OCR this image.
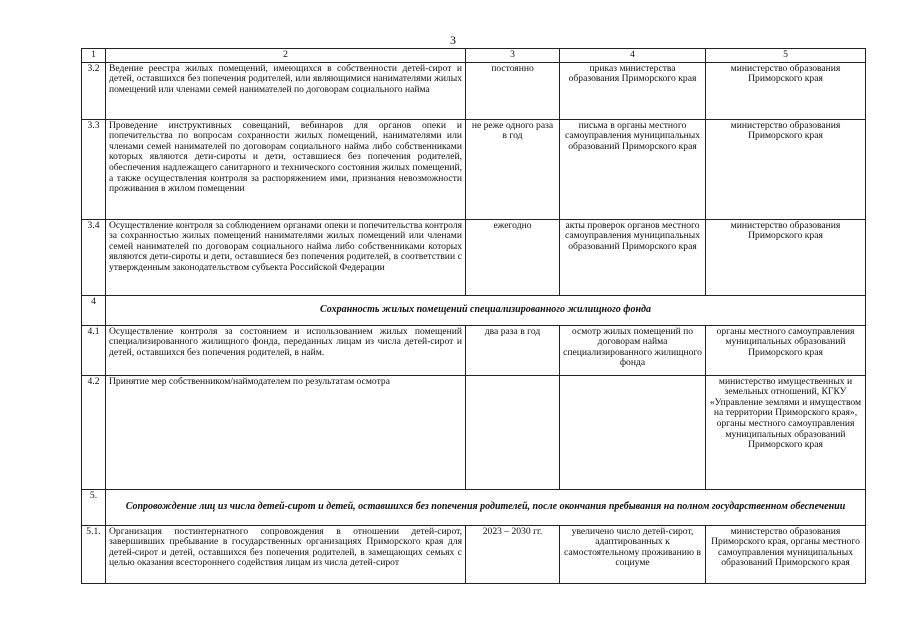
3
1	2	3	4	5
3.2	Ведение реестра жилых помещений, имеющихся в собственности детей-сирот и детей, оставшихся без попечения родителей, или являющимися нанимателями жилых помещений или членами семей нанимателей по договорам социального найма	постоянно	приказ министерства образования Приморского края	министерство образования Приморского края
3.3	Проведение инструктивных совещаний, вебинаров для органов опеки и попечительства по вопросам сохранности жилых помещений, нанимателями или членами семей нанимателей по договорам социального найма либо собственниками которых являются дети-сироты и дети, оставшиеся без попечения родителей, обеспечения надлежащего санитарного и технического состояния жилых помещений, а также осуществления контроля за распоряжением ими, признания невозможности проживания в жилом помещении	не реже одного раза в год	письма в органы местного самоуправления муниципальных образований Приморского края	министерство образования Приморского края
3.4	Осуществление контроля за соблюдением органами опеки и попечительства контроля за сохранностью жилых помещений нанимателями жилых помещений или членами семей нанимателей по договорам социального найма либо собственниками которых являются дети-сироты и дети, оставшиеся без попечения родителей, в соответствии с утвержденным законодательством субъекта Российской Федерации	ежегодно	акты проверок органов местного самоуправления муниципальных образований Приморского края	министерство образования Приморского края
4	Сохранность жилых помещений специализированного жилищного фонда			
4.1	Осуществление контроля за состоянием и использованием жилых помещений специализированного жилищного фонда, переданных лицам из числа детей-сирот и детей, оставшихся без попечения родителей, в найм.	два раза в год	осмотр жилых помещений по договорам найма специализированного жилищного фонда	органы местного самоуправления муниципальных образований Приморского края
4.2	Принятие мер собственником/наймодателем по результатам осмотра			министерство имущественных и земельных отношений, КГКУ «Управление землями и имуществом на территории Приморского края», органы местного самоуправления муниципальных образований Приморского края
5.	Сопровождение лиц из числа детей-сирот и детей, оставшихся без попечения родителей, после окончания пребывания на полном государственном обеспечении			
5.1.	Организация постинтернатного сопровождения в отношении детей-сирот, завершивших пребывание в государственных организациях Приморского края для детей-сирот и детей, оставшихся без попечения родителей, в замещающих семьях с целью оказания всестороннего содействия лицам из числа детей-сирот	2023 – 2030 гг.	увеличено число детей-сирот, адаптированных к самостоятельному проживанию в социуме	министерство образования Приморского края, органы местного самоуправления муниципальных образований Приморского края
